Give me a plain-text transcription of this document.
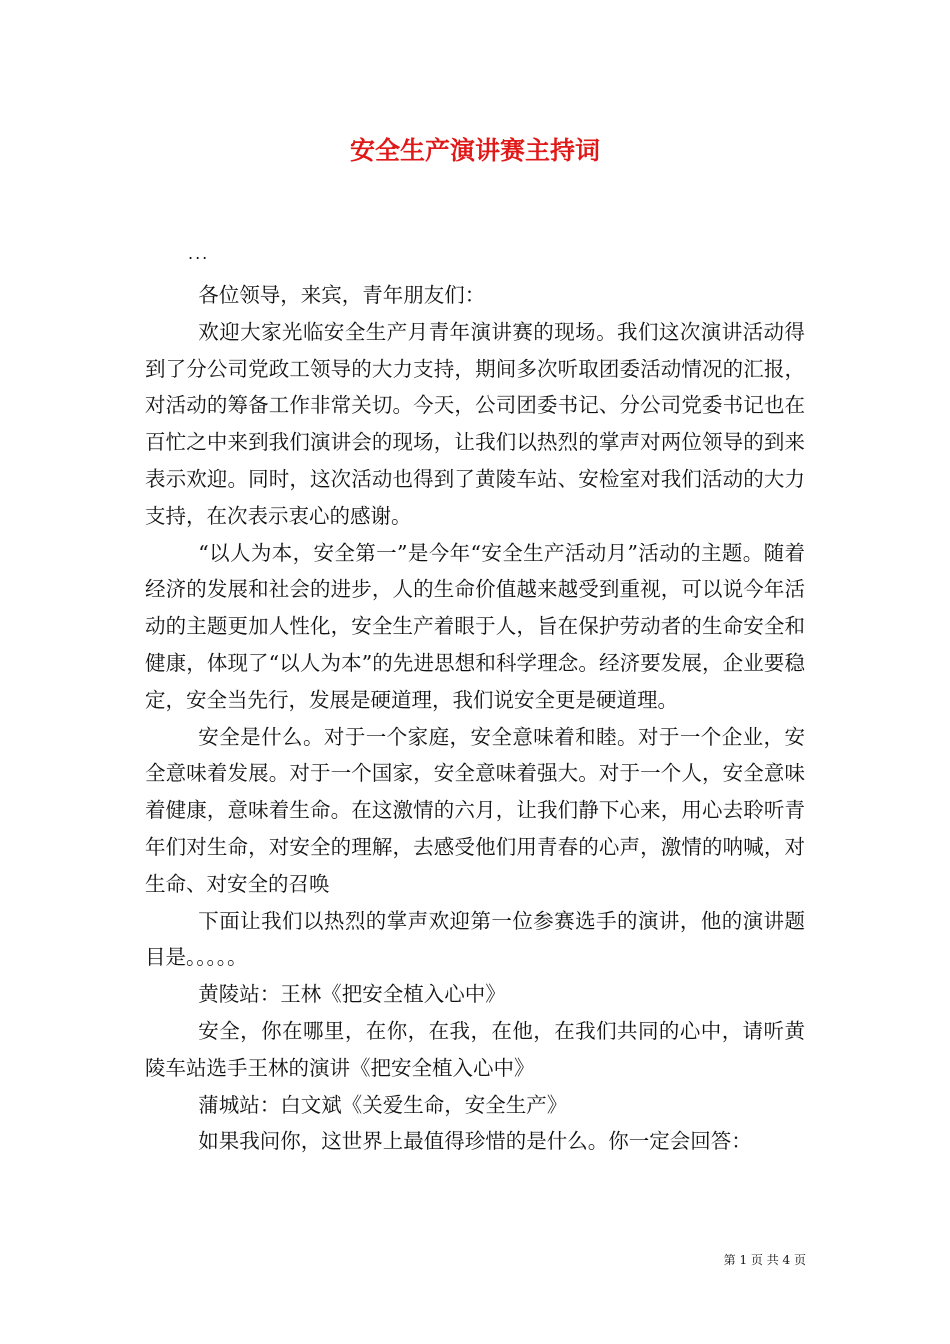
安全生产演讲赛主持词
...

各位领导，来宾，青年朋友们：

欢迎大家光临安全生产月青年演讲赛的现场。我们这次演讲活动得到了分公司党政工领导的大力支持，期间多次听取团委活动情况的汇报，对活动的筹备工作非常关切。今天，公司团委书记、分公司党委书记也在百忙之中来到我们演讲会的现场，让我们以热烈的掌声对两位领导的到来表示欢迎。同时，这次活动也得到了黄陵车站、安检室对我们活动的大力支持，在次表示衷心的感谢。

“以人为本，安全第一”是今年“安全生产活动月”活动的主题。随着经济的发展和社会的进步，人的生命价值越来越受到重视，可以说今年活动的主题更加人性化，安全生产着眼于人，旨在保护劳动者的生命安全和健康，体现了“以人为本”的先进思想和科学理念。经济要发展，企业要稳定，安全当先行，发展是硬道理，我们说安全更是硬道理。

安全是什么。对于一个家庭，安全意味着和睦。对于一个企业，安全意味着发展。对于一个国家，安全意味着强大。对于一个人，安全意味着健康，意味着生命。在这激情的六月，让我们静下心来，用心去聆听青年们对生命，对安全的理解，去感受他们用青春的心声，激情的呐喊，对生命、对安全的召唤

下面让我们以热烈的掌声欢迎第一位参赛选手的演讲，他的演讲题目是。。。。。

黄陵站：王林《把安全植入心中》

安全，你在哪里，在你，在我，在他，在我们共同的心中，请听黄陵车站选手王林的演讲《把安全植入心中》

蒲城站：白文斌《关爱生命，安全生产》

如果我问你，这世界上最值得珍惜的是什么。你一定会回答：

第 1 页 共 4 页
